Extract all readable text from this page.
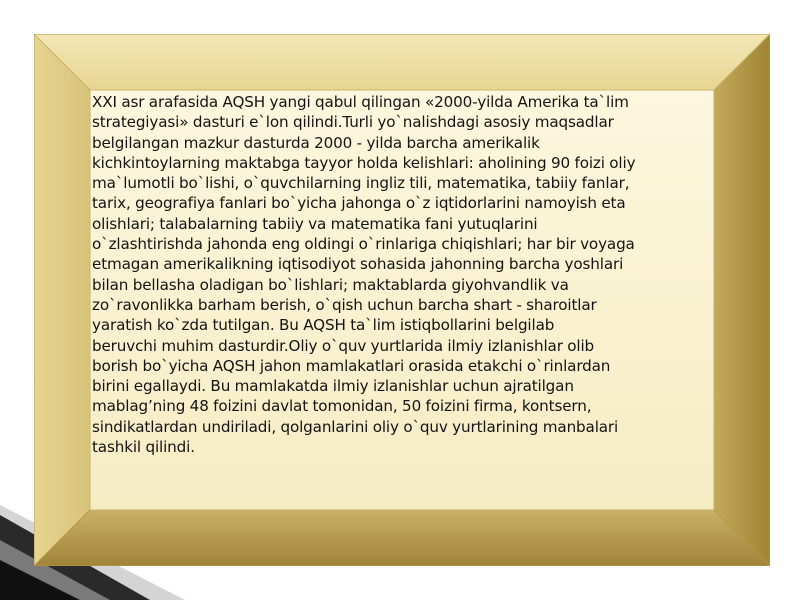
XXI asr arafasida AQSH yangi qabul qilingan «2000-yilda Amerika ta`lim
strategiyasi» dasturi e`lon qilindi.Turli yo`nalishdagi asosiy maqsadlar
belgilangan mazkur dasturda 2000 - yilda barcha amerikalik
kichkintoylarning maktabga tayyor holda kelishlari: aholining 90 foizi oliy
ma`lumotli bo`lishi, o`quvchilarning ingliz tili, matematika, tabiiy fanlar,
tarix, geografiya fanlari bo`yicha jahonga o`z iqtidorlarini namoyish eta
olishlari; talabalarning tabiiy va matematika fani yutuqlarini
o`zlashtirishda jahonda eng oldingi o`rinlariga chiqishlari; har bir voyaga
etmagan amerikalikning iqtisodiyot sohasida jahonning barcha yoshlari
bilan bellasha oladigan bo`lishlari; maktablarda giyohvandlik va
zo`ravonlikka barham berish, o`qish uchun barcha shart - sharoitlar
yaratish ko`zda tutilgan. Bu AQSH ta`lim istiqbollarini belgilab
beruvchi muhim dasturdir.Oliy o`quv yurtlarida ilmiy izlanishlar olib
borish bo`yicha AQSH jahon mamlakatlari orasida etakchi o`rinlardan
birini egallaydi. Bu mamlakatda ilmiy izlanishlar uchun ajratilgan
mablag’ning 48 foizini davlat tomonidan, 50 foizini firma, kontsern,
sindikatlardan undiriladi, qolganlarini oliy o`quv yurtlarining manbalari
tashkil qilindi.
